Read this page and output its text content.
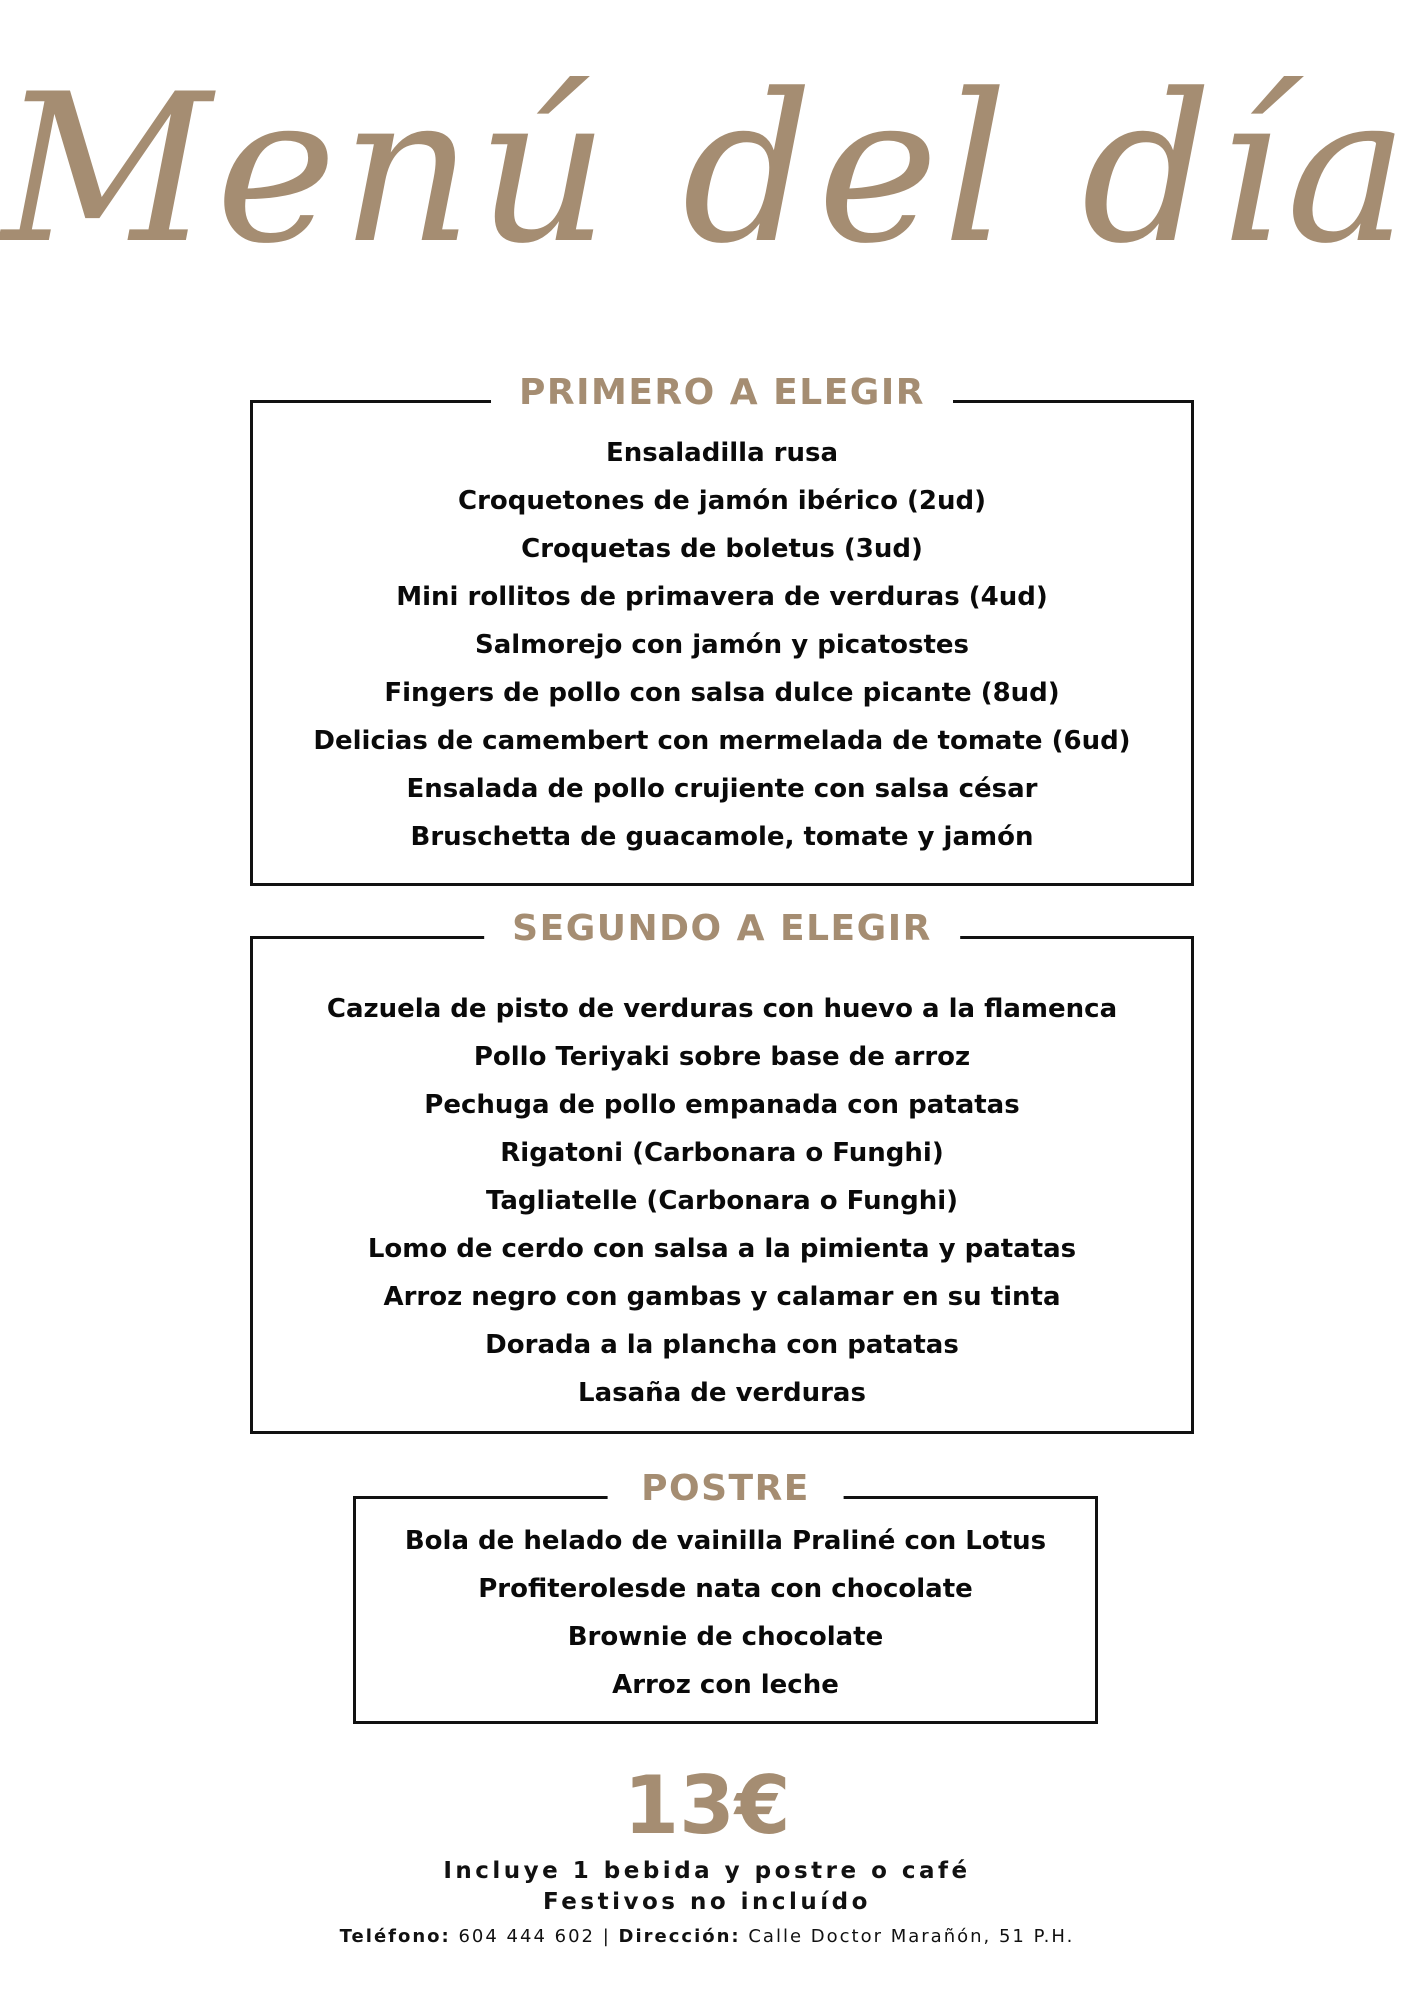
Menú del día
PRIMERO A ELEGIR
Ensaladilla rusa
Croquetones de jamón ibérico (2ud)
Croquetas de boletus (3ud)
Mini rollitos de primavera de verduras (4ud)
Salmorejo con jamón y picatostes
Fingers de pollo con salsa dulce picante (8ud)
Delicias de camembert con mermelada de tomate (6ud)
Ensalada de pollo crujiente con salsa césar
Bruschetta de guacamole, tomate y jamón
SEGUNDO A ELEGIR
Cazuela de pisto de verduras con huevo a la flamenca
Pollo Teriyaki sobre base de arroz
Pechuga de pollo empanada con patatas
Rigatoni (Carbonara o Funghi)
Tagliatelle (Carbonara o Funghi)
Lomo de cerdo con salsa a la pimienta y patatas
Arroz negro con gambas y calamar en su tinta
Dorada a la plancha con patatas
Lasaña de verduras
POSTRE
Bola de helado de vainilla Praliné con Lotus
Profiterolesde nata con chocolate
Brownie de chocolate
Arroz con leche
13€
Incluye 1 bebida y postre o café
Festivos no incluído
Teléfono: 604 444 602 | Dirección: Calle Doctor Marañón, 51 P.H.
